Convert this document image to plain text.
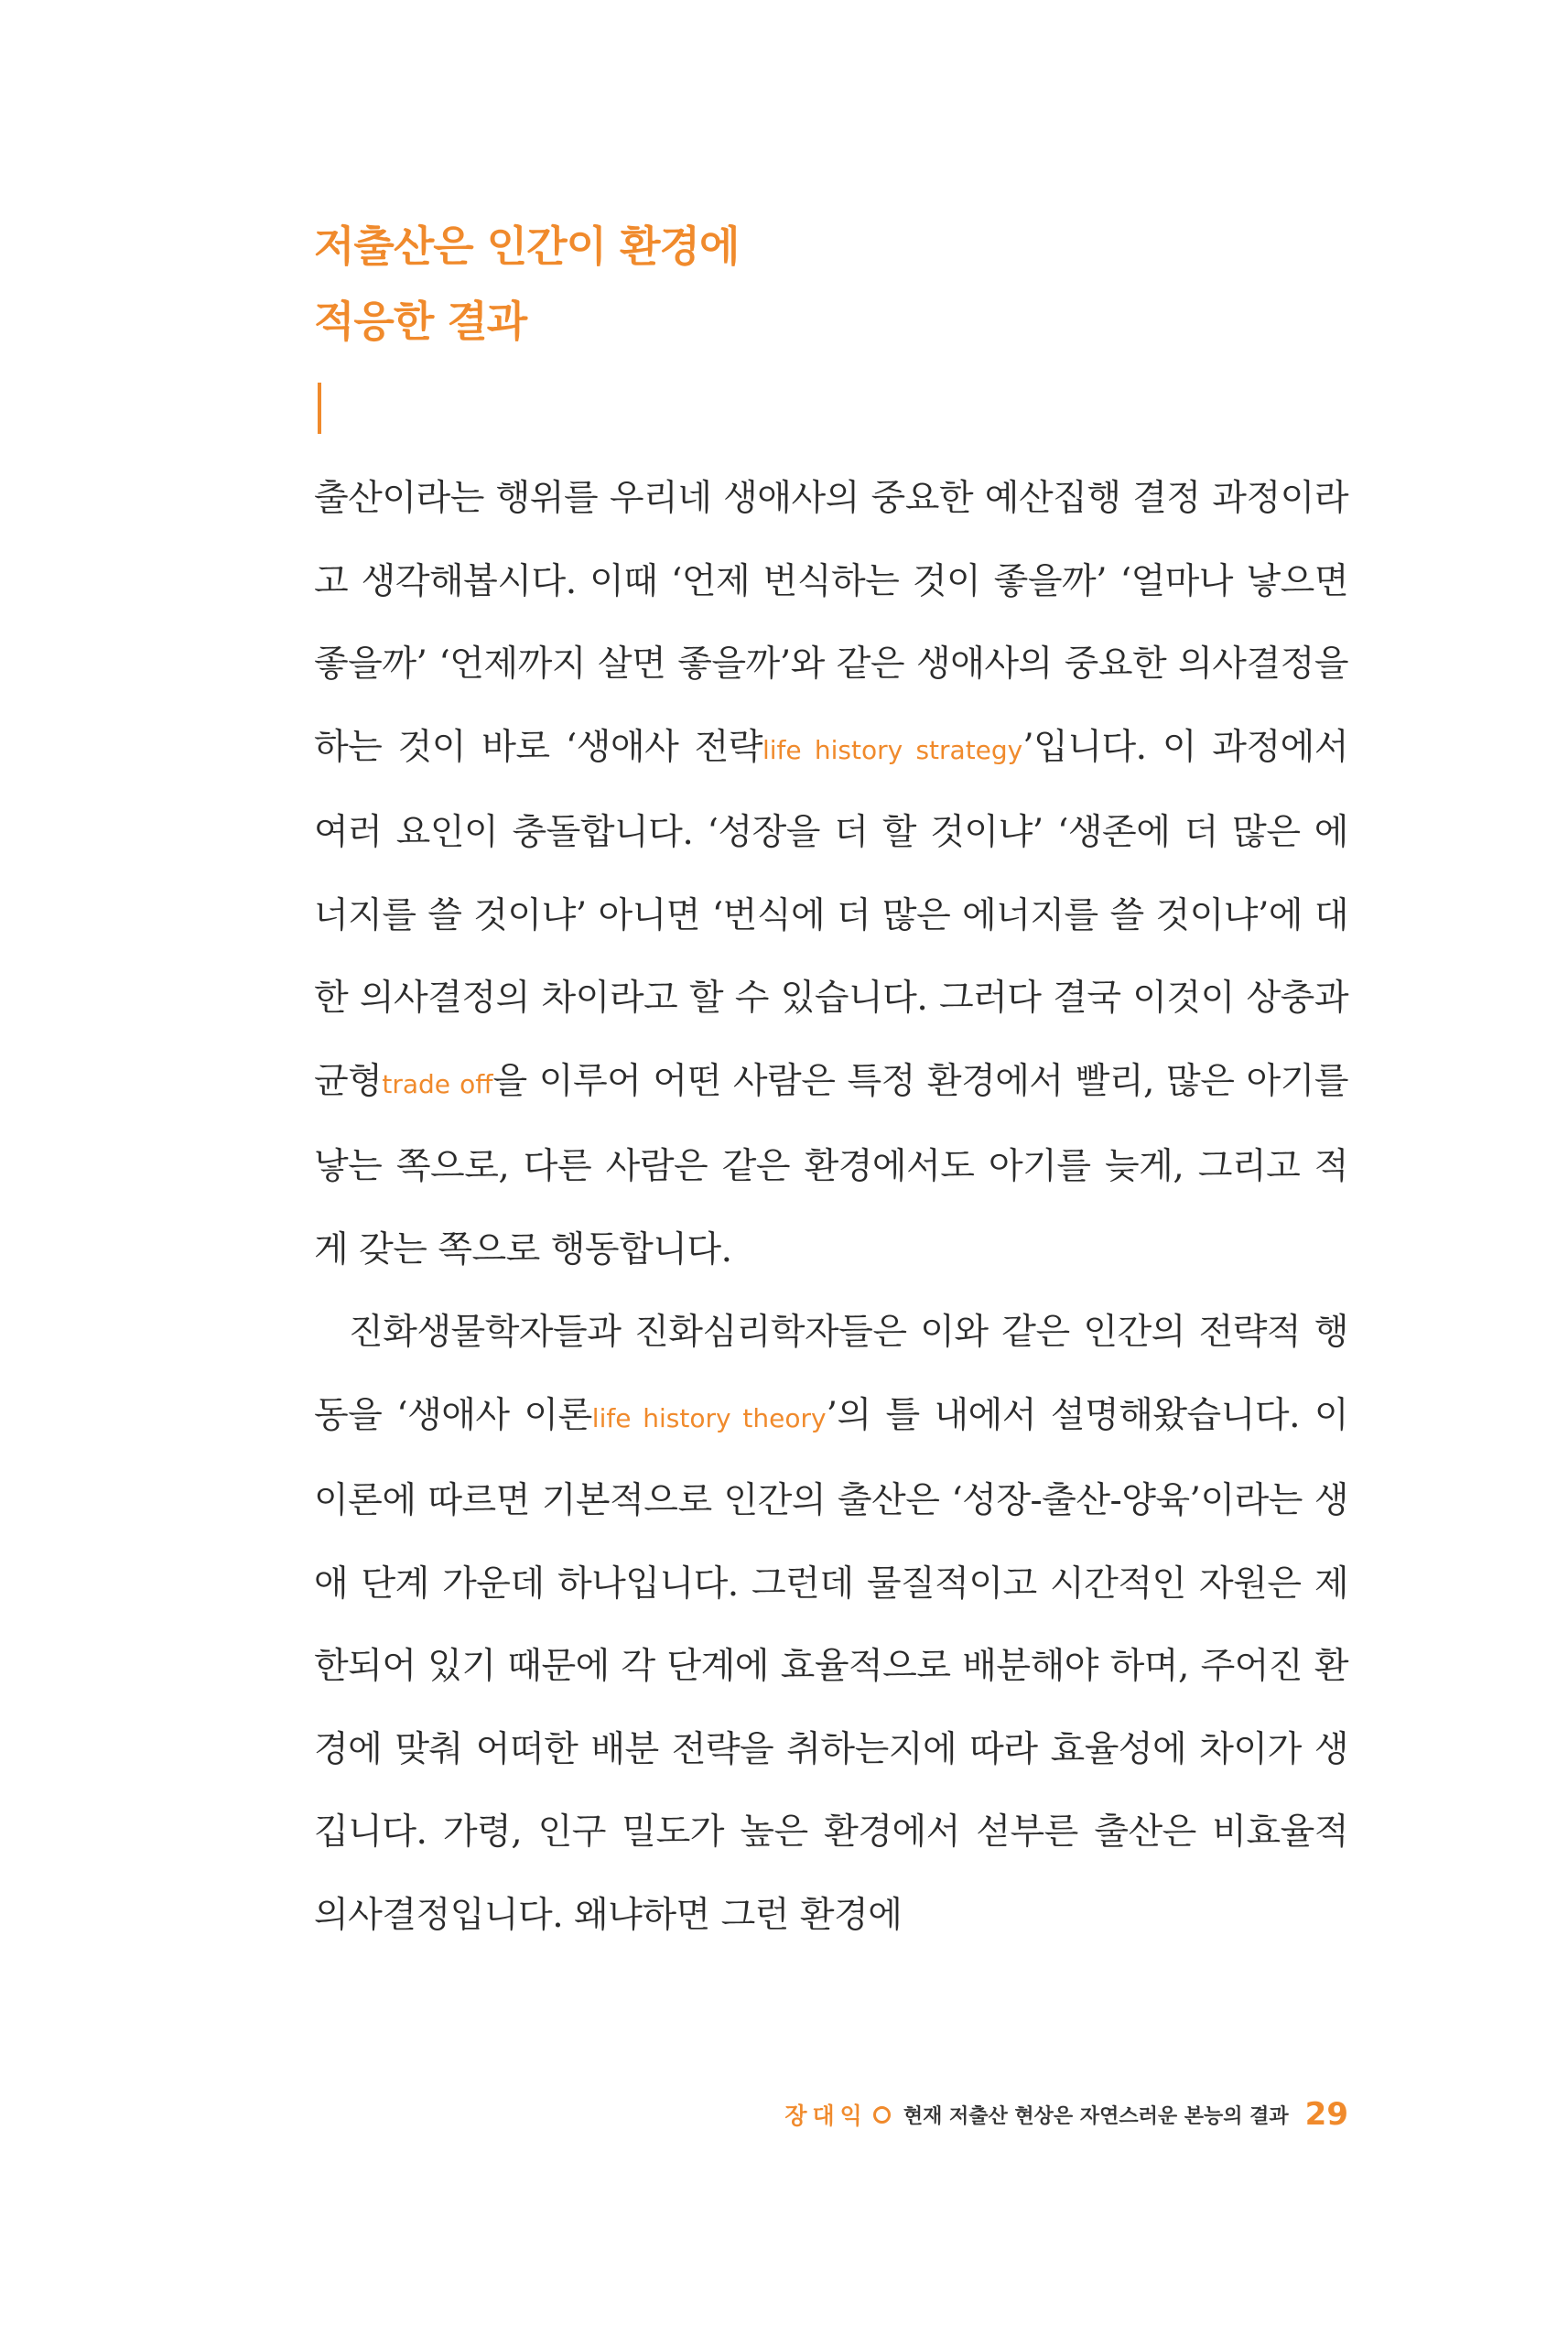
저출산은 인간이 환경에
적응한 결과

출산이라는 행위를 우리네 생애사의 중요한 예산집행 결정 과정이라고 생각해봅시다. 이때 ‘언제 번식하는 것이 좋을까’ ‘얼마나 낳으면 좋을까’ ‘언제까지 살면 좋을까’와 같은 생애사의 중요한 의사결정을 하는 것이 바로 ‘생애사 전략life history strategy’입니다. 이 과정에서 여러 요인이 충돌합니다. ‘성장을 더 할 것이냐’ ‘생존에 더 많은 에너지를 쓸 것이냐’ 아니면 ‘번식에 더 많은 에너지를 쓸 것이냐’에 대한 의사결정의 차이라고 할 수 있습니다. 그러다 결국 이것이 상충과 균형trade off을 이루어 어떤 사람은 특정 환경에서 빨리, 많은 아기를 낳는 쪽으로, 다른 사람은 같은 환경에서도 아기를 늦게, 그리고 적게 갖는 쪽으로 행동합니다.

진화생물학자들과 진화심리학자들은 이와 같은 인간의 전략적 행동을 ‘생애사 이론life history theory’의 틀 내에서 설명해왔습니다. 이 이론에 따르면 기본적으로 인간의 출산은 ‘성장-출산-양육’이라는 생애 단계 가운데 하나입니다. 그런데 물질적이고 시간적인 자원은 제한되어 있기 때문에 각 단계에 효율적으로 배분해야 하며, 주어진 환경에 맞춰 어떠한 배분 전략을 취하는지에 따라 효율성에 차이가 생깁니다. 가령, 인구 밀도가 높은 환경에서 섣부른 출산은 비효율적 의사결정입니다. 왜냐하면 그런 환경에

장대익 현재 저출산 현상은 자연스러운 본능의 결과 29
